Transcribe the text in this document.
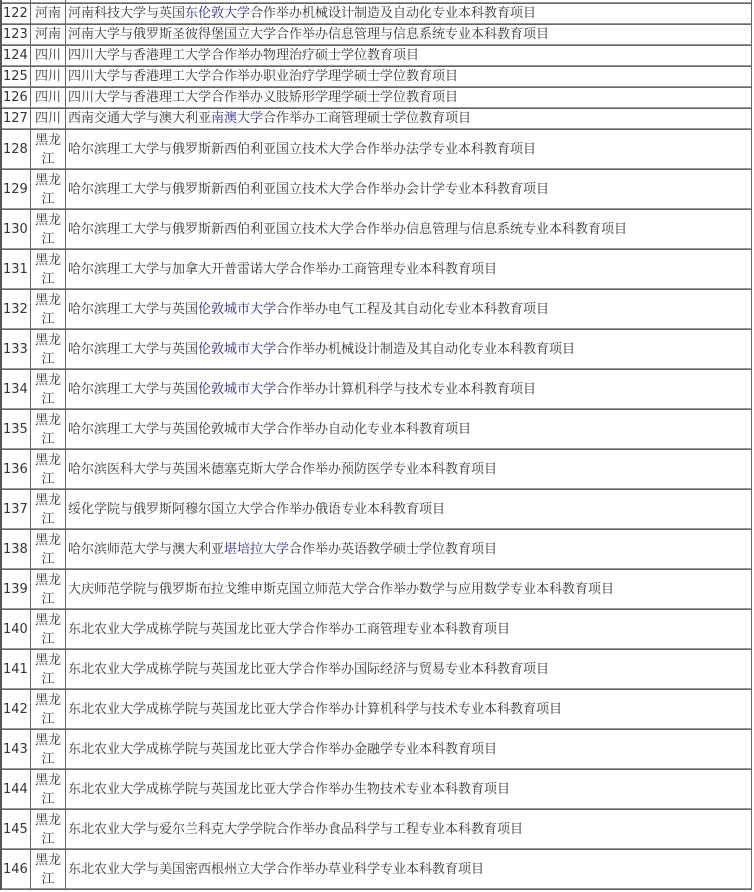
122	河南	河南科技大学与英国东伦敦大学合作举办机械设计制造及自动化专业本科教育项目
123	河南	河南大学与俄罗斯圣彼得堡国立大学合作举办信息管理与信息系统专业本科教育项目
124	四川	四川大学与香港理工大学合作举办物理治疗硕士学位教育项目
125	四川	四川大学与香港理工大学合作举办职业治疗学理学硕士学位教育项目
126	四川	四川大学与香港理工大学合作举办义肢矫形学理学硕士学位教育项目
127	四川	西南交通大学与澳大利亚南澳大学合作举办工商管理硕士学位教育项目
128	黑龙江	哈尔滨理工大学与俄罗斯新西伯利亚国立技术大学合作举办法学专业本科教育项目
129	黑龙江	哈尔滨理工大学与俄罗斯新西伯利亚国立技术大学合作举办会计学专业本科教育项目
130	黑龙江	哈尔滨理工大学与俄罗斯新西伯利亚国立技术大学合作举办信息管理与信息系统专业本科教育项目
131	黑龙江	哈尔滨理工大学与加拿大开普雷诺大学合作举办工商管理专业本科教育项目
132	黑龙江	哈尔滨理工大学与英国伦敦城市大学合作举办电气工程及其自动化专业本科教育项目
133	黑龙江	哈尔滨理工大学与英国伦敦城市大学合作举办机械设计制造及其自动化专业本科教育项目
134	黑龙江	哈尔滨理工大学与英国伦敦城市大学合作举办计算机科学与技术专业本科教育项目
135	黑龙江	哈尔滨理工大学与英国伦敦城市大学合作举办自动化专业本科教育项目
136	黑龙江	哈尔滨医科大学与英国米德塞克斯大学合作举办预防医学专业本科教育项目
137	黑龙江	绥化学院与俄罗斯阿穆尔国立大学合作举办俄语专业本科教育项目
138	黑龙江	哈尔滨师范大学与澳大利亚堪培拉大学合作举办英语教学硕士学位教育项目
139	黑龙江	大庆师范学院与俄罗斯布拉戈维申斯克国立师范大学合作举办数学与应用数学专业本科教育项目
140	黑龙江	东北农业大学成栋学院与英国龙比亚大学合作举办工商管理专业本科教育项目
141	黑龙江	东北农业大学成栋学院与英国龙比亚大学合作举办国际经济与贸易专业本科教育项目
142	黑龙江	东北农业大学成栋学院与英国龙比亚大学合作举办计算机科学与技术专业本科教育项目
143	黑龙江	东北农业大学成栋学院与英国龙比亚大学合作举办金融学专业本科教育项目
144	黑龙江	东北农业大学成栋学院与英国龙比亚大学合作举办生物技术专业本科教育项目
145	黑龙江	东北农业大学与爱尔兰科克大学学院合作举办食品科学与工程专业本科教育项目
146	黑龙江	东北农业大学与美国密西根州立大学合作举办草业科学专业本科教育项目
